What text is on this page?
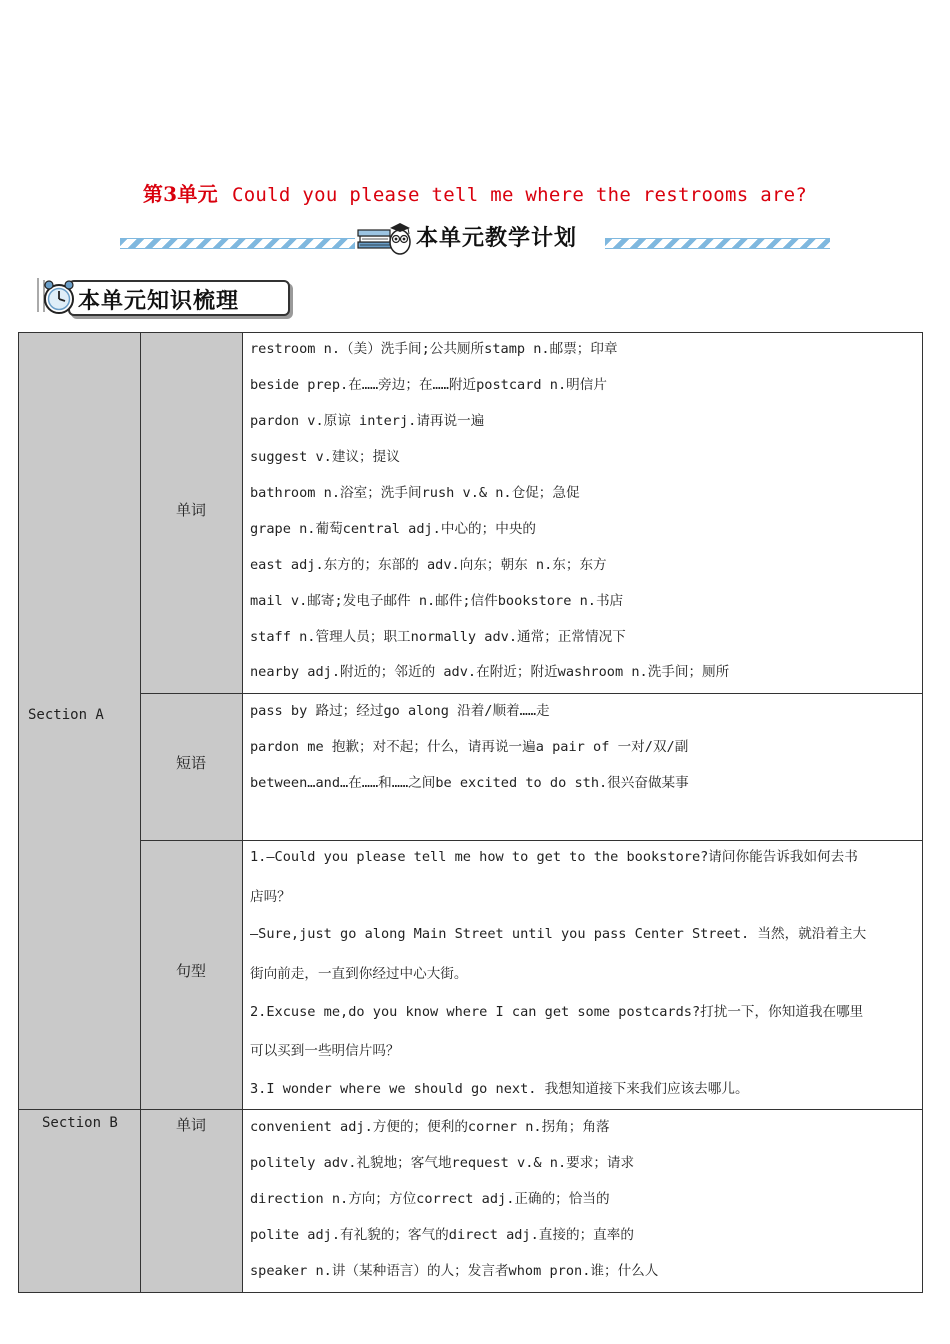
第3单元 Could you please tell me where the restrooms are?
本单元教学计划
本单元知识梳理
Section A
单词
短语
句型
Section B	单词
restroom n.（美）洗手间;公共厕所stamp n.邮票；印章
beside prep.在……旁边；在……附近postcard n.明信片
pardon v.原谅 interj.请再说一遍
suggest v.建议；提议
bathroom n.浴室；洗手间rush v.& n.仓促；急促
grape n.葡萄central adj.中心的；中央的
east adj.东方的；东部的 adv.向东；朝东 n.东；东方
mail v.邮寄;发电子邮件 n.邮件;信件bookstore n.书店
staff n.管理人员；职工normally adv.通常；正常情况下
nearby adj.附近的；邻近的 adv.在附近；附近washroom n.洗手间；厕所
pass by 路过；经过go along 沿着/顺着……走
pardon me 抱歉；对不起；什么，请再说一遍a pair of 一对/双/副
between…and…在……和……之间be excited to do sth.很兴奋做某事
1.—Could you please tell me how to get to the bookstore?请问你能告诉我如何去书
店吗？
—Sure,just go along Main Street until you pass Center Street. 当然，就沿着主大
街向前走，一直到你经过中心大街。
2.Excuse me,do you know where I can get some postcards?打扰一下，你知道我在哪里
可以买到一些明信片吗？
3.I wonder where we should go next. 我想知道接下来我们应该去哪儿。
convenient adj.方便的；便利的corner n.拐角；角落
politely adv.礼貌地；客气地request v.& n.要求；请求
direction n.方向；方位correct adj.正确的；恰当的
polite adj.有礼貌的；客气的direct adj.直接的；直率的
speaker n.讲（某种语言）的人；发言者whom pron.谁；什么人
